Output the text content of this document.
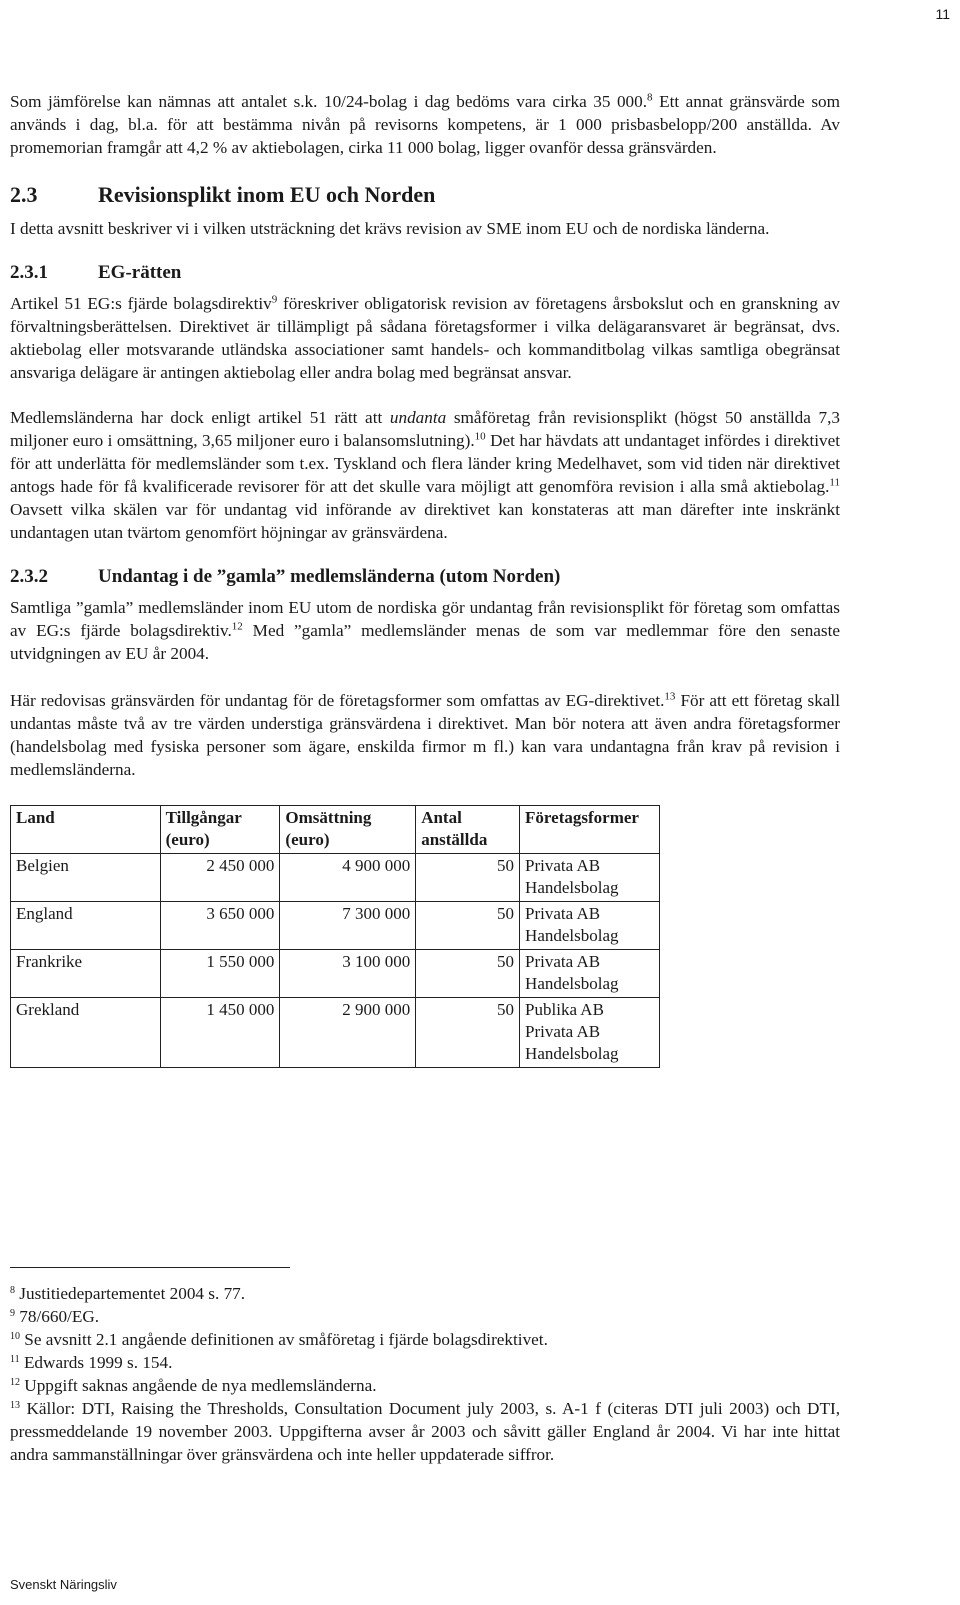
11

Som jämförelse kan nämnas att antalet s.k. 10/24-bolag i dag bedöms vara cirka 35 000.$^8$ Ett annat gränsvärde som används i dag, bl.a. för att bestämma nivån på revisorns kompetens, är 1 000 prisbasbelopp/200 anställda. Av promemorian framgår att 4,2 % av aktiebolagen, cirka 11 000 bolag, ligger ovanför dessa gränsvärden.

2.3	Revisionsplikt inom EU och Norden

I detta avsnitt beskriver vi i vilken utsträckning det krävs revision av SME inom EU och de nordiska länderna.

2.3.1	EG-rätten

Artikel 51 EG:s fjärde bolagsdirektiv$^9$ föreskriver obligatorisk revision av företagens årsbokslut och en granskning av förvaltningsberättelsen. Direktivet är tillämpligt på sådana företagsformer i vilka delägaransvaret är begränsat, dvs. aktiebolag eller motsvarande utländska associationer samt handels- och kommanditbolag vilkas samtliga obegränsat ansvariga delägare är antingen aktiebolag eller andra bolag med begränsat ansvar.

Medlemsländerna har dock enligt artikel 51 rätt att undanta småföretag från revisionsplikt (högst 50 anställda 7,3 miljoner euro i omsättning, 3,65 miljoner euro i balansomslutning).$^{10}$ Det har hävdats att undantaget infördes i direktivet för att underlätta för medlemsländer som t.ex. Tyskland och flera länder kring Medelhavet, som vid tiden när direktivet antogs hade för få kvalificerade revisorer för att det skulle vara möjligt att genomföra revision i alla små aktiebolag.$^{11}$ Oavsett vilka skälen var för undantag vid införande av direktivet kan konstateras att man därefter inte inskränkt undantagen utan tvärtom genomfört höjningar av gränsvärdena.

2.3.2	Undantag i de ”gamla” medlemsländerna (utom Norden)

Samtliga ”gamla” medlemsländer inom EU utom de nordiska gör undantag från revisionsplikt för företag som omfattas av EG:s fjärde bolagsdirektiv.$^{12}$ Med ”gamla” medlemsländer menas de som var medlemmar före den senaste utvidgningen av EU år 2004.

Här redovisas gränsvärden för undantag för de företagsformer som omfattas av EG-direktivet.$^{13}$ För att ett företag skall undantas måste två av tre värden understiga gränsvärdena i direktivet. Man bör notera att även andra företagsformer (handelsbolag med fysiska personer som ägare, enskilda firmor m fl.) kan vara undantagna från krav på revision i medlemsländerna.

Land	Tillgångar (euro)	Omsättning (euro)	Antal anställda	Företagsformer
Belgien	2 450 000	4 900 000	50	Privata AB
Handelsbolag

England	3 650 000	7 300 000	50	Privata AB
Handelsbolag

Frankrike	1 550 000	3 100 000	50	Privata AB
Handelsbolag

Grekland	1 450 000	2 900 000	50	Publika AB
Privata AB
Handelsbolag

$^8$ Justitiedepartementet 2004 s. 77.

$^9$ 78/660/EG.

$^{10}$ Se avsnitt 2.1 angående definitionen av småföretag i fjärde bolagsdirektivet.

$^{11}$ Edwards 1999 s. 154.

$^{12}$ Uppgift saknas angående de nya medlemsländerna.

$^{13}$ Källor: DTI, Raising the Thresholds, Consultation Document july 2003, s. A-1 f (citeras DTI juli 2003) och DTI, pressmeddelande 19 november 2003. Uppgifterna avser år 2003 och såvitt gäller England år 2004. Vi har inte hittat andra sammanställningar över gränsvärdena och inte heller uppdaterade siffror.

Svenskt Näringsliv
